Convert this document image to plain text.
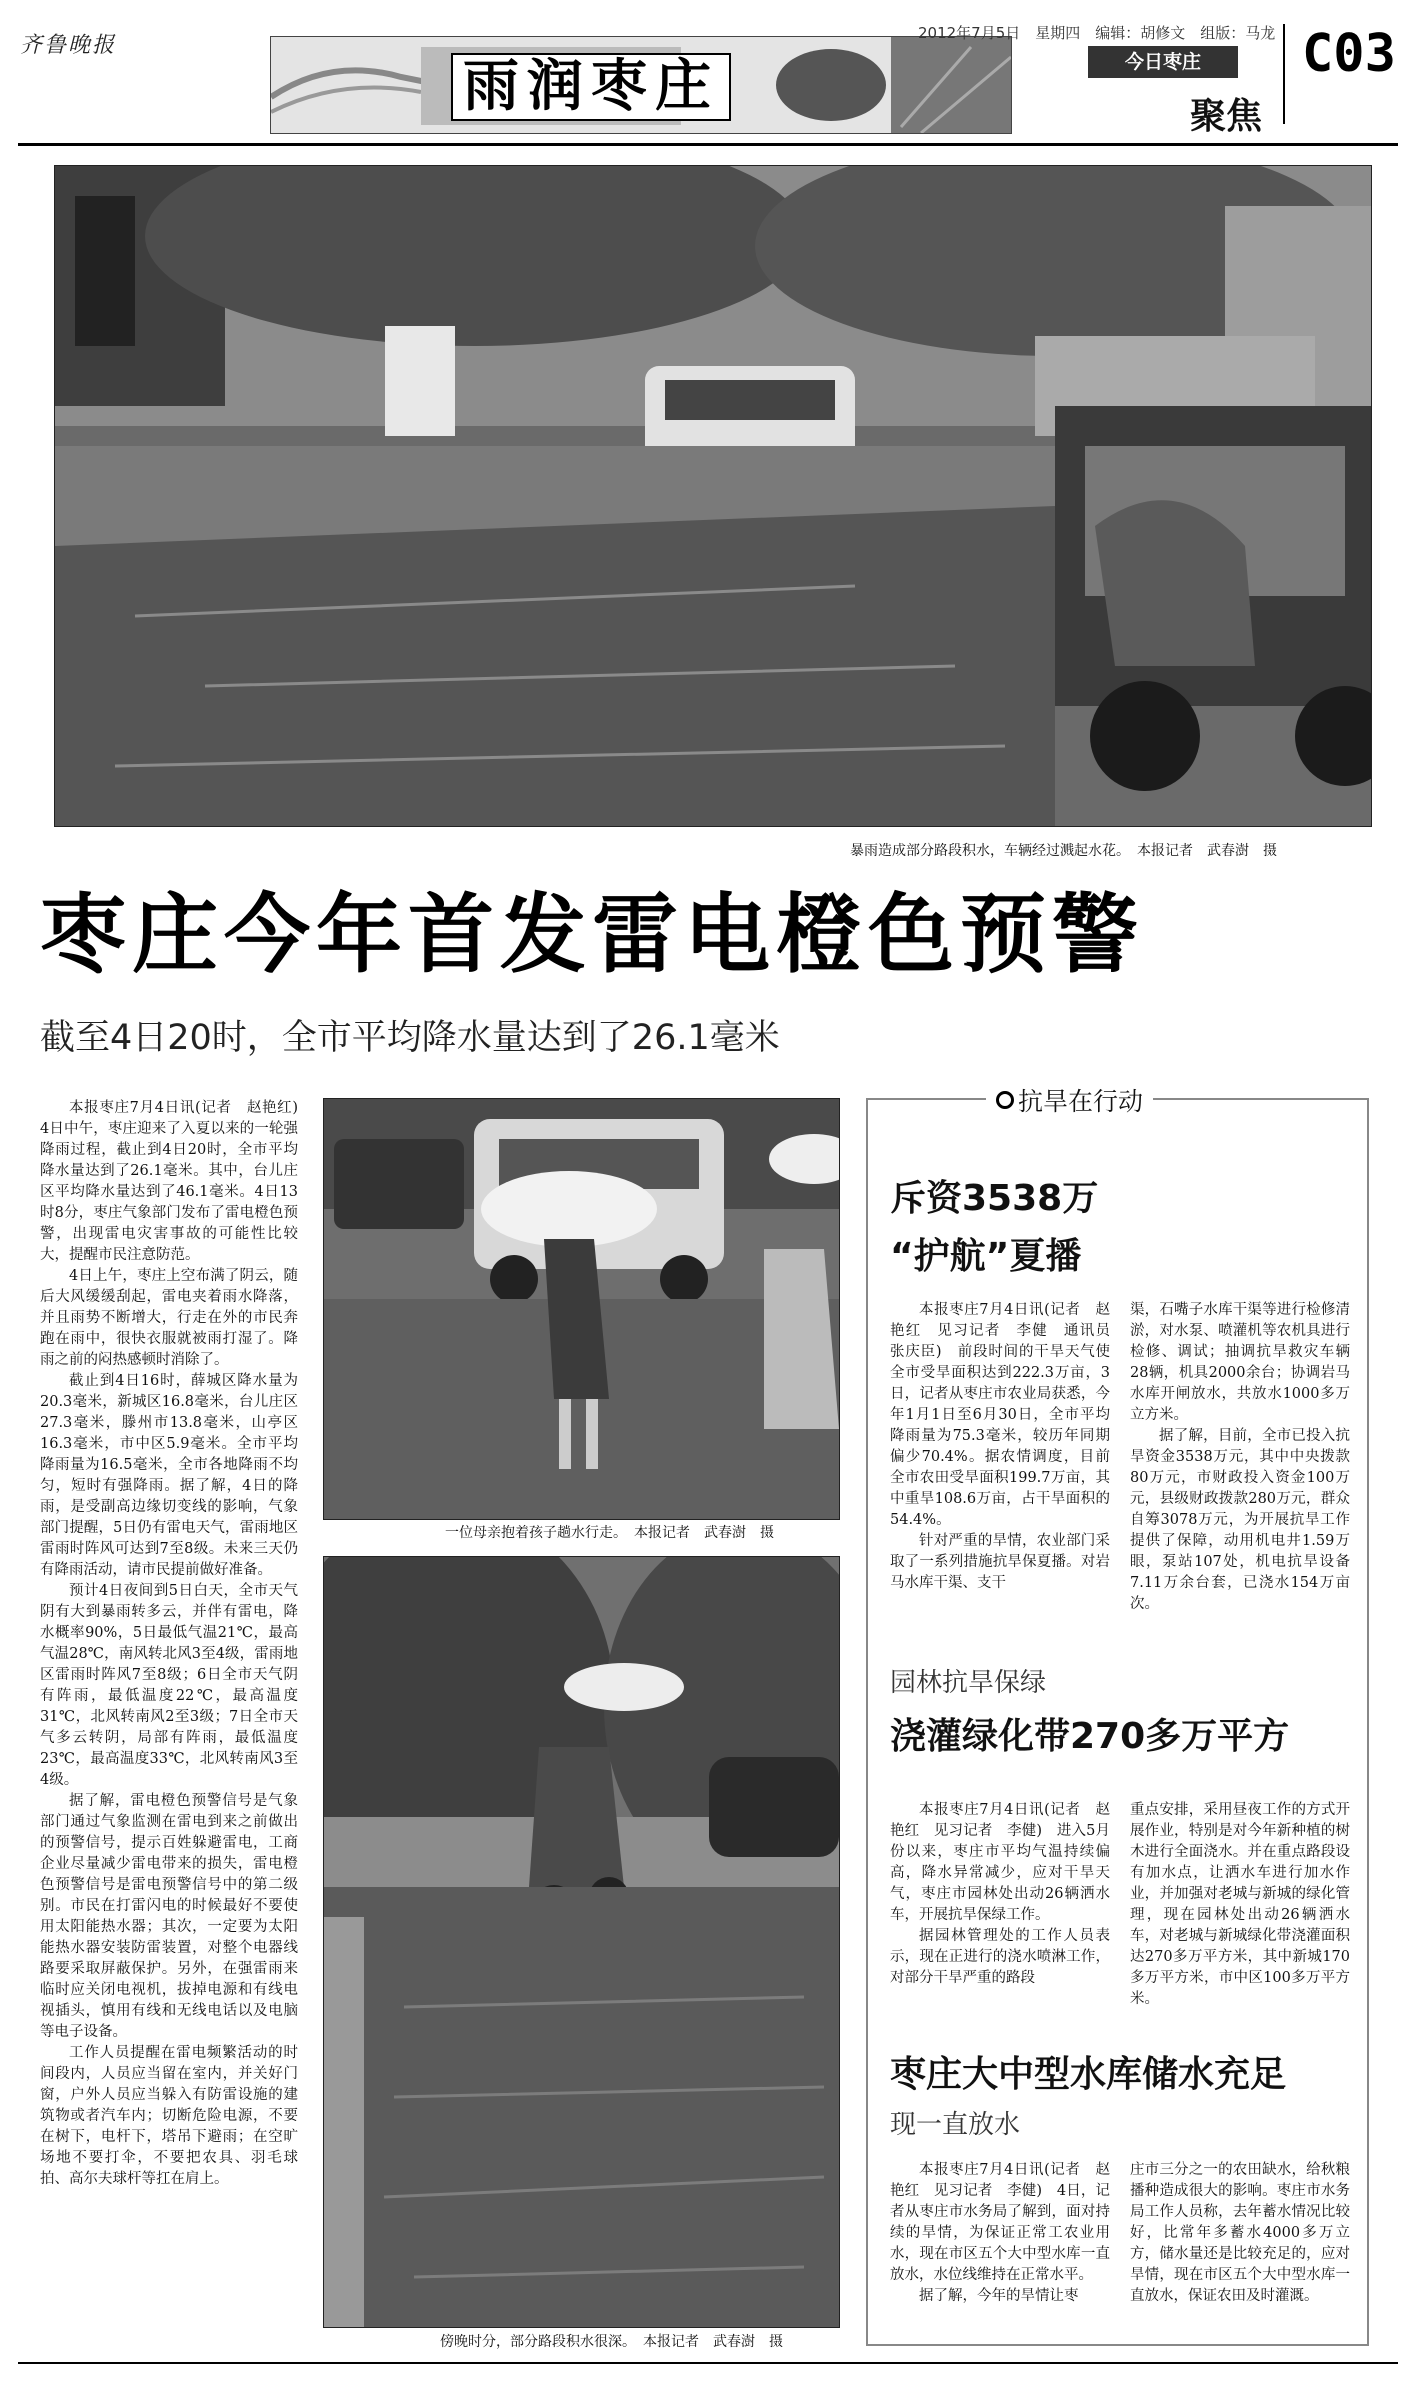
齐鲁晚报
雨润枣庄
2012年7月5日　星期四　编辑：胡修文　组版：马龙
今日枣庄
聚焦
C03
暴雨造成部分路段积水，车辆经过溅起水花。　本报记者　武春澍　摄
枣庄今年首发雷电橙色预警
截至4日20时，全市平均降水量达到了26.1毫米

本报枣庄7月4日讯(记者　赵艳红)　4日中午，枣庄迎来了入夏以来的一轮强降雨过程，截止到4日20时，全市平均降水量达到了26.1毫米。其中，台儿庄区平均降水量达到了46.1毫米。4日13时8分，枣庄气象部门发布了雷电橙色预警，出现雷电灾害事故的可能性比较大，提醒市民注意防范。

4日上午，枣庄上空布满了阴云，随后大风缓缓刮起，雷电夹着雨水降落，并且雨势不断增大，行走在外的市民奔跑在雨中，很快衣服就被雨打湿了。降雨之前的闷热感顿时消除了。

截止到4日16时，薛城区降水量为20.3毫米，新城区16.8毫米，台儿庄区27.3毫米，滕州市13.8毫米，山亭区16.3毫米，市中区5.9毫米。全市平均降雨量为16.5毫米，全市各地降雨不均匀，短时有强降雨。据了解，4日的降雨，是受副高边缘切变线的影响，气象部门提醒，5日仍有雷电天气，雷雨地区雷雨时阵风可达到7至8级。未来三天仍有降雨活动，请市民提前做好准备。

预计4日夜间到5日白天，全市天气阴有大到暴雨转多云，并伴有雷电，降水概率90%，5日最低气温21℃，最高气温28℃，南风转北风3至4级，雷雨地区雷雨时阵风7至8级；6日全市天气阴有阵雨，最低温度22℃，最高温度31℃，北风转南风2至3级；7日全市天气多云转阴，局部有阵雨，最低温度23℃，最高温度33℃，北风转南风3至4级。

据了解，雷电橙色预警信号是气象部门通过气象监测在雷电到来之前做出的预警信号，提示百姓躲避雷电，工商企业尽量减少雷电带来的损失，雷电橙色预警信号是雷电预警信号中的第二级别。市民在打雷闪电的时候最好不要使用太阳能热水器；其次，一定要为太阳能热水器安装防雷装置，对整个电器线路要采取屏蔽保护。另外，在强雷雨来临时应关闭电视机，拔掉电源和有线电视插头，慎用有线和无线电话以及电脑等电子设备。

工作人员提醒在雷电频繁活动的时间段内，人员应当留在室内，并关好门窗，户外人员应当躲入有防雷设施的建筑物或者汽车内；切断危险电源，不要在树下，电杆下，塔吊下避雨；在空旷场地不要打伞，不要把农具、羽毛球拍、高尔夫球杆等扛在肩上。

一位母亲抱着孩子趟水行走。　本报记者　武春澍　摄
傍晚时分，部分路段积水很深。　本报记者　武春澍　摄
抗旱在行动
斥资3538万
“护航”夏播

本报枣庄7月4日讯(记者　赵艳红　见习记者　李健　通讯员　张庆臣)　前段时间的干旱天气使全市受旱面积达到222.3万亩，3日，记者从枣庄市农业局获悉，今年1月1日至6月30日，全市平均降雨量为75.3毫米，较历年同期偏少70.4%。据农情调度，目前全市农田受旱面积199.7万亩，其中重旱108.6万亩，占干旱面积的54.4%。

针对严重的旱情，农业部门采取了一系列措施抗旱保夏播。对岩马水库干渠、支干

渠，石嘴子水库干渠等进行检修清淤，对水泵、喷灌机等农机具进行检修、调试；抽调抗旱救灾车辆28辆，机具2000余台；协调岩马水库开闸放水，共放水1000多万立方米。

据了解，目前，全市已投入抗旱资金3538万元，其中中央拨款80万元，市财政投入资金100万元，县级财政拨款280万元，群众自筹3078万元，为开展抗旱工作提供了保障，动用机电井1.59万眼，泵站107处，机电抗旱设备7.11万余台套，已浇水154万亩次。

园林抗旱保绿
浇灌绿化带270多万平方

本报枣庄7月4日讯(记者　赵艳红　见习记者　李健)　进入5月份以来，枣庄市平均气温持续偏高，降水异常减少，应对干旱天气，枣庄市园林处出动26辆洒水车，开展抗旱保绿工作。

据园林管理处的工作人员表示，现在正进行的浇水喷淋工作，对部分干旱严重的路段

重点安排，采用昼夜工作的方式开展作业，特别是对今年新种植的树木进行全面浇水。并在重点路段设有加水点，让洒水车进行加水作业，并加强对老城与新城的绿化管理，现在园林处出动26辆洒水车，对老城与新城绿化带浇灌面积达270多万平方米，其中新城170多万平方米，市中区100多万平方米。

枣庄大中型水库储水充足
现一直放水

本报枣庄7月4日讯(记者　赵艳红　见习记者　李健)　4日，记者从枣庄市水务局了解到，面对持续的旱情，为保证正常工农业用水，现在市区五个大中型水库一直放水，水位线维持在正常水平。

据了解，今年的旱情让枣

庄市三分之一的农田缺水，给秋粮播种造成很大的影响。枣庄市水务局工作人员称，去年蓄水情况比较好，比常年多蓄水4000多万立方，储水量还是比较充足的，应对旱情，现在市区五个大中型水库一直放水，保证农田及时灌溉。
